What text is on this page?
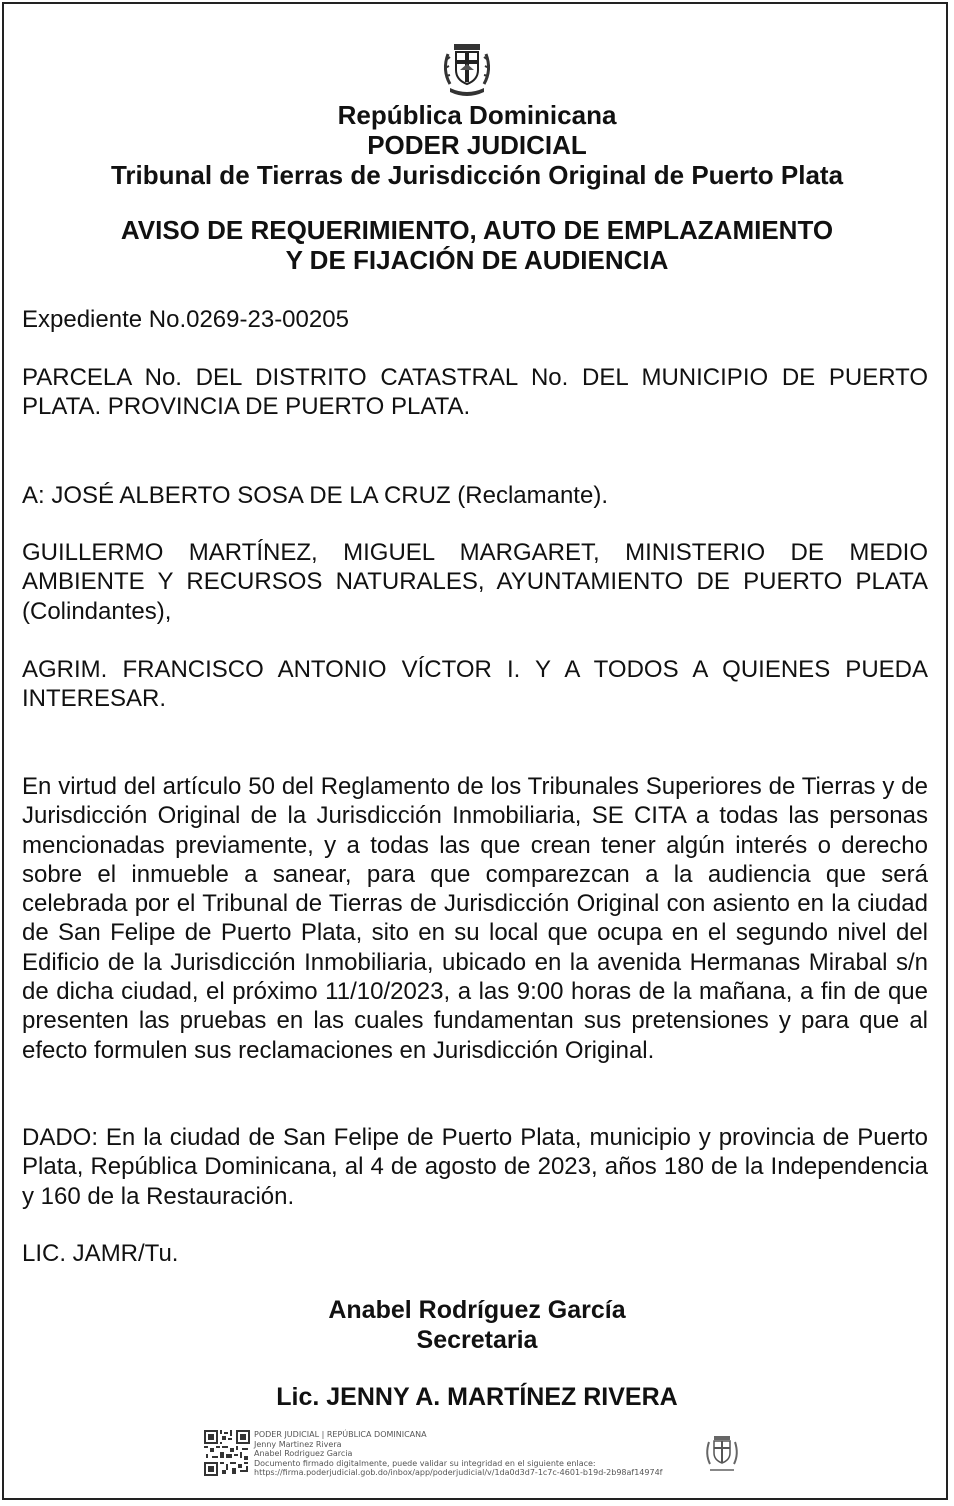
República Dominicana
PODER JUDICIAL
Tribunal de Tierras de Jurisdicción Original de Puerto Plata
AVISO DE REQUERIMIENTO, AUTO DE EMPLAZAMIENTO
Y DE FIJACIÓN DE AUDIENCIA
Expediente No.0269-23-00205
PARCELA No. DEL DISTRITO CATASTRAL No. DEL MUNICIPIO DE PUERTO
PLATA. PROVINCIA DE PUERTO PLATA.
A: JOSÉ ALBERTO SOSA DE LA CRUZ (Reclamante).
GUILLERMO MARTÍNEZ, MIGUEL MARGARET, MINISTERIO DE MEDIO AMBIENTE Y RECURSOS NATURALES, AYUNTAMIENTO DE PUERTO PLATA (Colindantes),
AGRIM. FRANCISCO ANTONIO VÍCTOR I. Y A TODOS A QUIENES PUEDA
INTERESAR.
En virtud del artículo 50 del Reglamento de los Tribunales Superiores de Tierras y de Jurisdicción Original de la Jurisdicción Inmobiliaria, SE CITA a todas las personas mencionadas previamente, y a todas las que crean tener algún interés o derecho sobre el inmueble a sanear, para que comparezcan a la audiencia que será celebrada por el Tribunal de Tierras de Jurisdicción Original con asiento en la ciudad de San Felipe de Puerto Plata, sito en su local que ocupa en el segundo nivel del Edificio de la Jurisdicción Inmobiliaria, ubicado en la avenida Hermanas Mirabal s/n de dicha ciudad, el próximo 11/10/2023, a las 9:00 horas de la mañana, a fin de que presenten las pruebas en las cuales fundamentan sus pretensiones y para que al efecto formulen sus reclamaciones en Jurisdicción Original.
DADO: En la ciudad de San Felipe de Puerto Plata, municipio y provincia de Puerto Plata, República Dominicana, al 4 de agosto de 2023, años 180 de la Independencia y 160 de la Restauración.
LIC. JAMR/Tu.
Anabel Rodríguez García
Secretaria
Lic. JENNY A. MARTÍNEZ RIVERA
PODER JUDICIAL | REPÚBLICA DOMINICANA
Jenny Martinez Rivera
Anabel Rodriguez Garcia
Documento firmado digitalmente, puede validar su integridad en el siguiente enlace:
https://firma.poderjudicial.gob.do/inbox/app/poderjudicial/v/1da0d3d7-1c7c-4601-b19d-2b98af14974f
